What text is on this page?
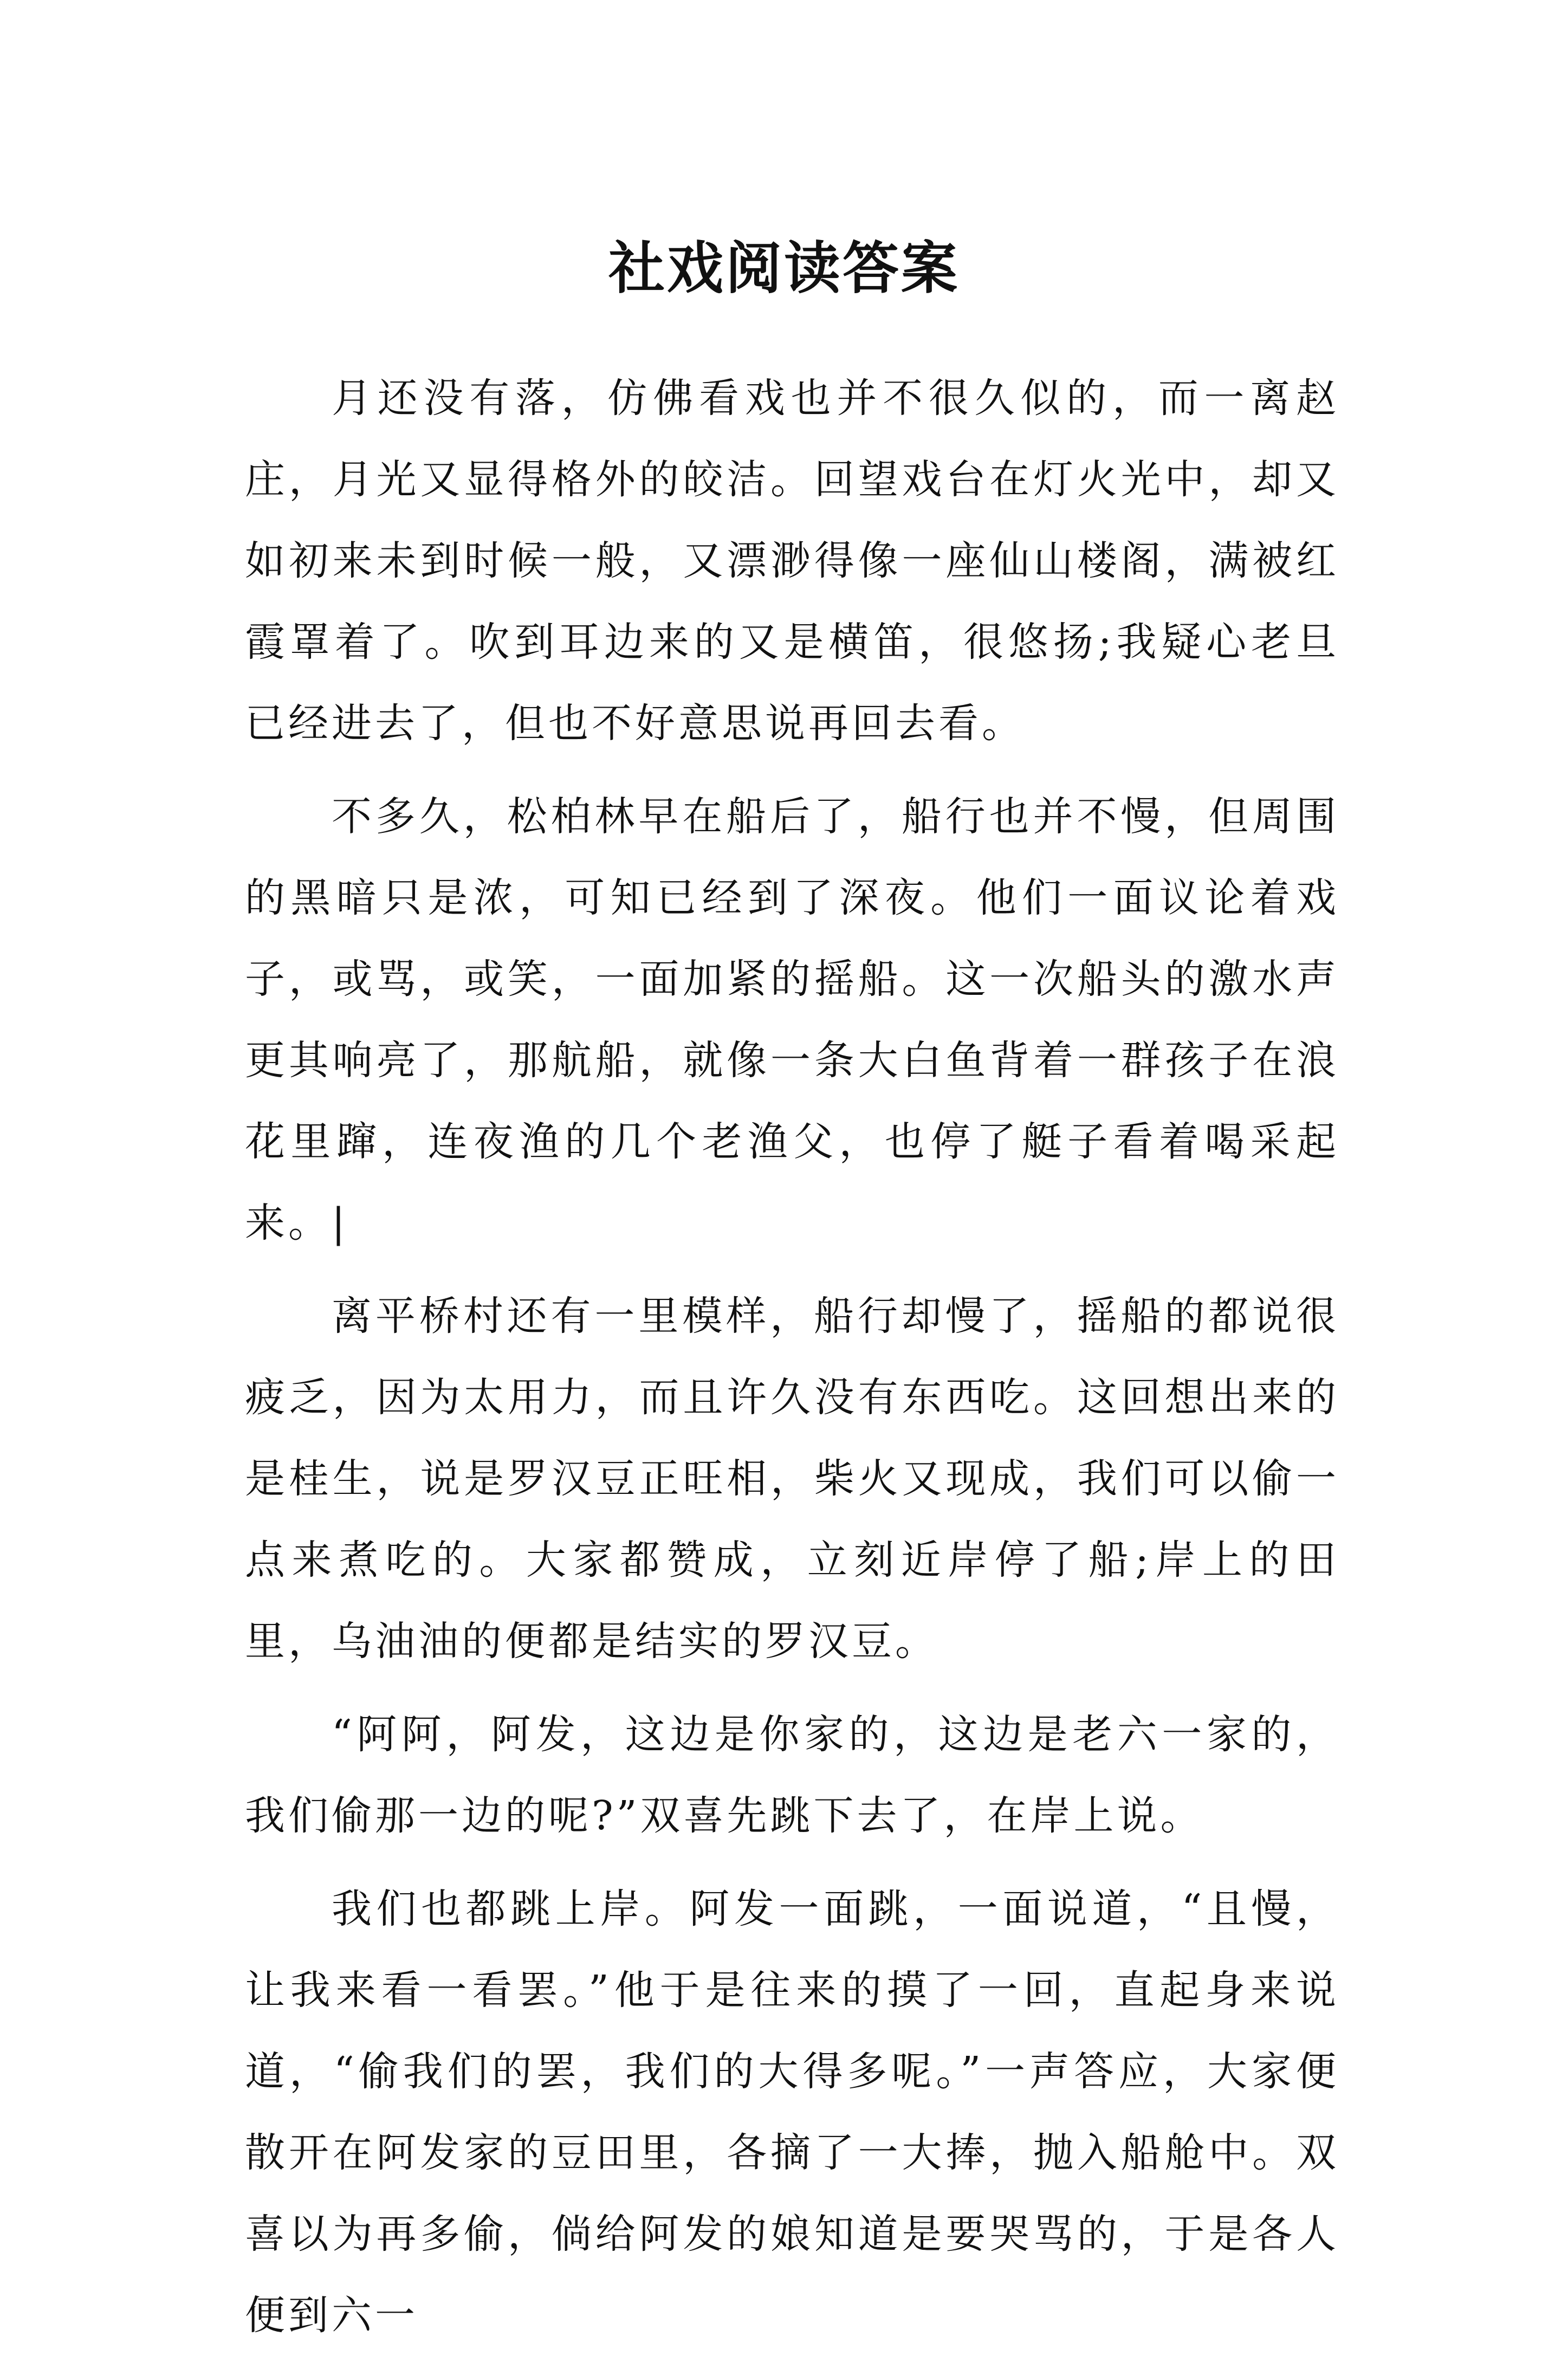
社戏阅读答案

月还没有落，仿佛看戏也并不很久似的，而一离赵庄，月光又显得格外的皎洁。回望戏台在灯火光中，却又如初来未到时候一般，又漂渺得像一座仙山楼阁，满被红霞罩着了。吹到耳边来的又是横笛，很悠扬;我疑心老旦已经进去了，但也不好意思说再回去看。

不多久，松柏林早在船后了，船行也并不慢，但周围的黑暗只是浓，可知已经到了深夜。他们一面议论着戏子，或骂，或笑，一面加紧的摇船。这一次船头的激水声更其响亮了，那航船，就像一条大白鱼背着一群孩子在浪花里蹿，连夜渔的几个老渔父，也停了艇子看着喝采起来。|

离平桥村还有一里模样，船行却慢了，摇船的都说很疲乏，因为太用力，而且许久没有东西吃。这回想出来的是桂生，说是罗汉豆正旺相，柴火又现成，我们可以偷一点来煮吃的。大家都赞成，立刻近岸停了船;岸上的田里，乌油油的便都是结实的罗汉豆。

“阿阿，阿发，这边是你家的，这边是老六一家的，我们偷那一边的呢?”双喜先跳下去了，在岸上说。

我们也都跳上岸。阿发一面跳，一面说道，“且慢，让我来看一看罢。”他于是往来的摸了一回，直起身来说道，“偷我们的罢，我们的大得多呢。”一声答应，大家便散开在阿发家的豆田里，各摘了一大捧，抛入船舱中。双喜以为再多偷，倘给阿发的娘知道是要哭骂的，于是各人便到六一
